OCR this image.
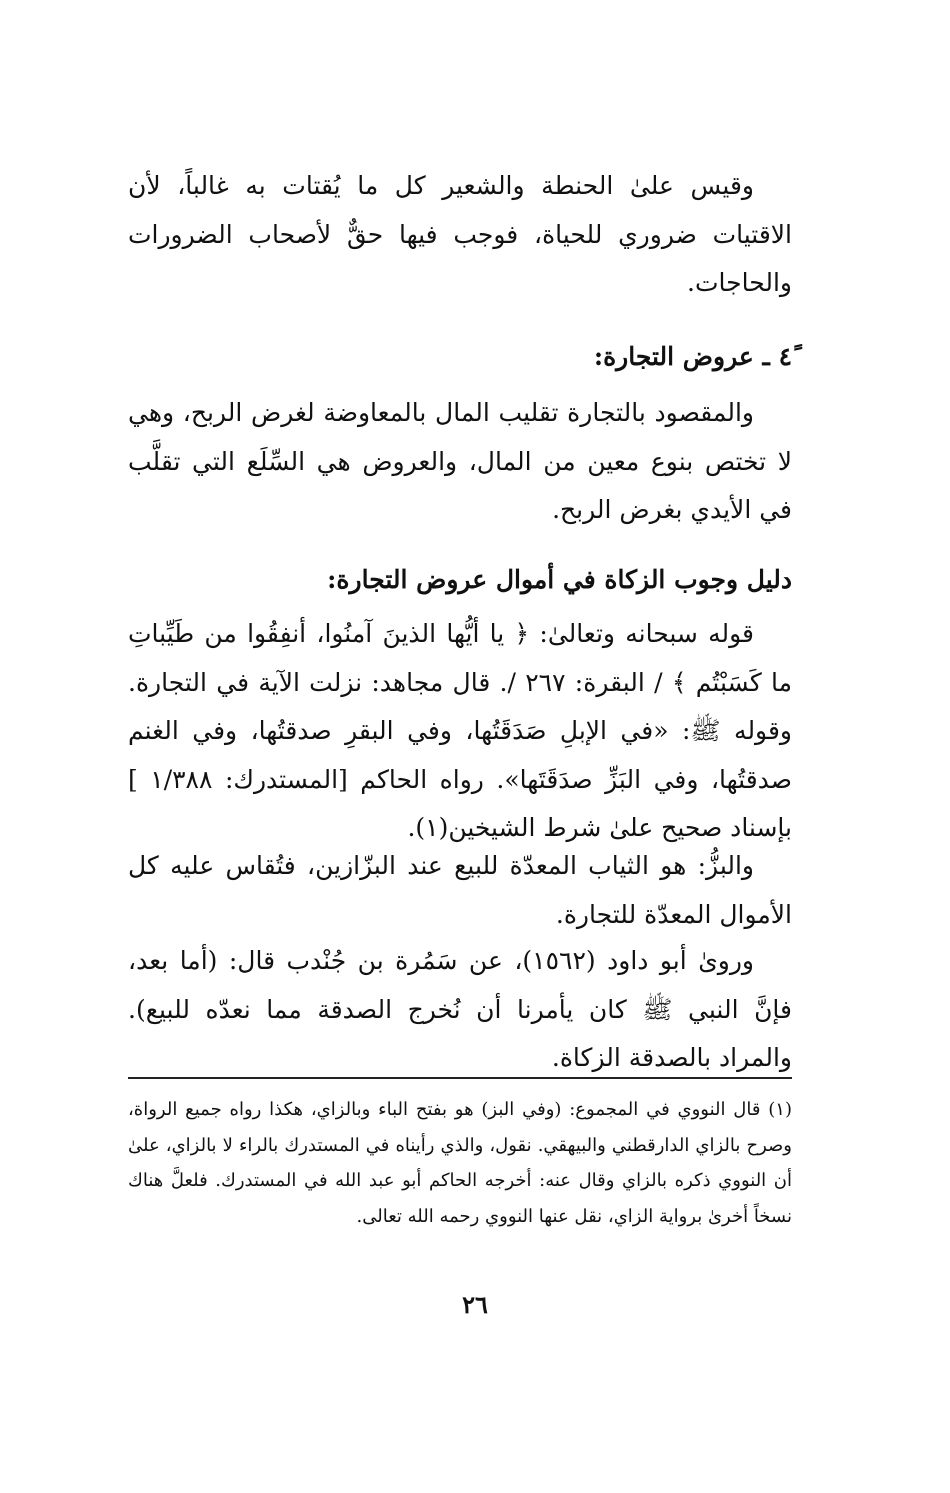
وقيس علىٰ الحنطة والشعير كل ما يُقتات به غالباً، لأن الاقتيات ضروري للحياة، فوجب فيها حقٌّ لأصحاب الضرورات والحاجات.

٤ً ـ عروض التجارة:

والمقصود بالتجارة تقليب المال بالمعاوضة لغرض الربح، وهي لا تختص بنوع معين من المال، والعروض هي السِّلَع التي تقلَّب في الأيدي بغرض الربح.

دليل وجوب الزكاة في أموال عروض التجارة:

قوله سبحانه وتعالىٰ: ﴿ يا أيُّها الذينَ آمنُوا، أنفِقُوا من طَيِّباتِ ما كَسَبْتُم ﴾ / البقرة: ٢٦٧ /. قال مجاهد: نزلت الآية في التجارة. وقوله ﷺ: «في الإبلِ صَدَقَتُها، وفي البقرِ صدقتُها، وفي الغنم صدقتُها، وفي البَزِّ صدَقَتَها». رواه الحاكم [المستدرك: ١/٣٨٨ ] بإسناد صحيح علىٰ شرط الشيخين(١).

والبزُّ: هو الثياب المعدّة للبيع عند البزّازين، فتُقاس عليه كل الأموال المعدّة للتجارة.

وروىٰ أبو داود (١٥٦٢)، عن سَمُرة بن جُنْدب قال: (أما بعد، فإنَّ النبي ﷺ كان يأمرنا أن نُخرج الصدقة مما نعدّه للبيع). والمراد بالصدقة الزكاة.

(١) قال النووي في المجموع: (وفي البز) هو بفتح الباء وبالزاي، هكذا رواه جميع الرواة، وصرح بالزاي الدارقطني والبيهقي. نقول، والذي رأيناه في المستدرك بالراء لا بالزاي، علىٰ أن النووي ذكره بالزاي وقال عنه: أخرجه الحاكم أبو عبد الله في المستدرك. فلعلَّ هناك نسخاً أخرىٰ برواية الزاي، نقل عنها النووي رحمه الله تعالى.

٢٦
